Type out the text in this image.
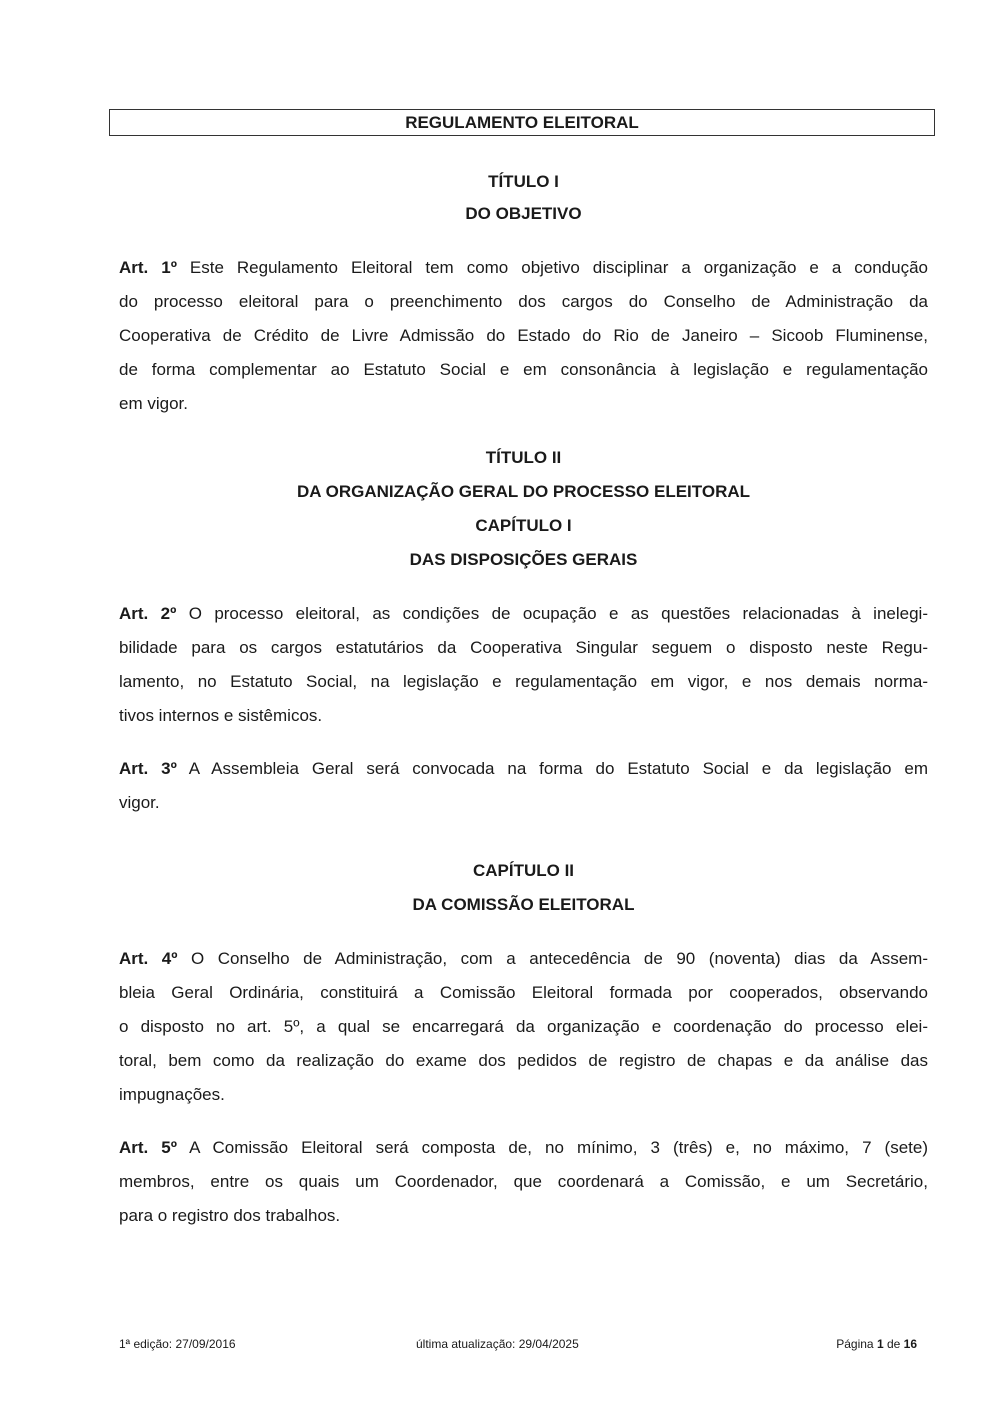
REGULAMENTO ELEITORAL
TÍTULO I
DO OBJETIVO
Art. 1º Este Regulamento Eleitoral tem como objetivo disciplinar a organização e a condução
do processo eleitoral para o preenchimento dos cargos do Conselho de Administração da
Cooperativa de Crédito de Livre Admissão do Estado do Rio de Janeiro – Sicoob Fluminense,
de forma complementar ao Estatuto Social e em consonância à legislação e regulamentação
em vigor.
TÍTULO II
DA ORGANIZAÇÃO GERAL DO PROCESSO ELEITORAL
CAPÍTULO I
DAS DISPOSIÇÕES GERAIS
Art. 2º O processo eleitoral, as condições de ocupação e as questões relacionadas à inelegi-
bilidade para os cargos estatutários da Cooperativa Singular seguem o disposto neste Regu-
lamento, no Estatuto Social, na legislação e regulamentação em vigor, e nos demais norma-
tivos internos e sistêmicos.
Art. 3º A Assembleia Geral será convocada na forma do Estatuto Social e da legislação em
vigor.
CAPÍTULO II
DA COMISSÃO ELEITORAL
Art. 4º O Conselho de Administração, com a antecedência de 90 (noventa) dias da Assem-
bleia Geral Ordinária, constituirá a Comissão Eleitoral formada por cooperados, observando
o disposto no art. 5º, a qual se encarregará da organização e coordenação do processo elei-
toral, bem como da realização do exame dos pedidos de registro de chapas e da análise das
impugnações.
Art. 5º A Comissão Eleitoral será composta de, no mínimo, 3 (três) e, no máximo, 7 (sete)
membros, entre os quais um Coordenador, que coordenará a Comissão, e um Secretário,
para o registro dos trabalhos.
1ª edição: 27/09/2016	última atualização: 29/04/2025	Página 1 de 16
